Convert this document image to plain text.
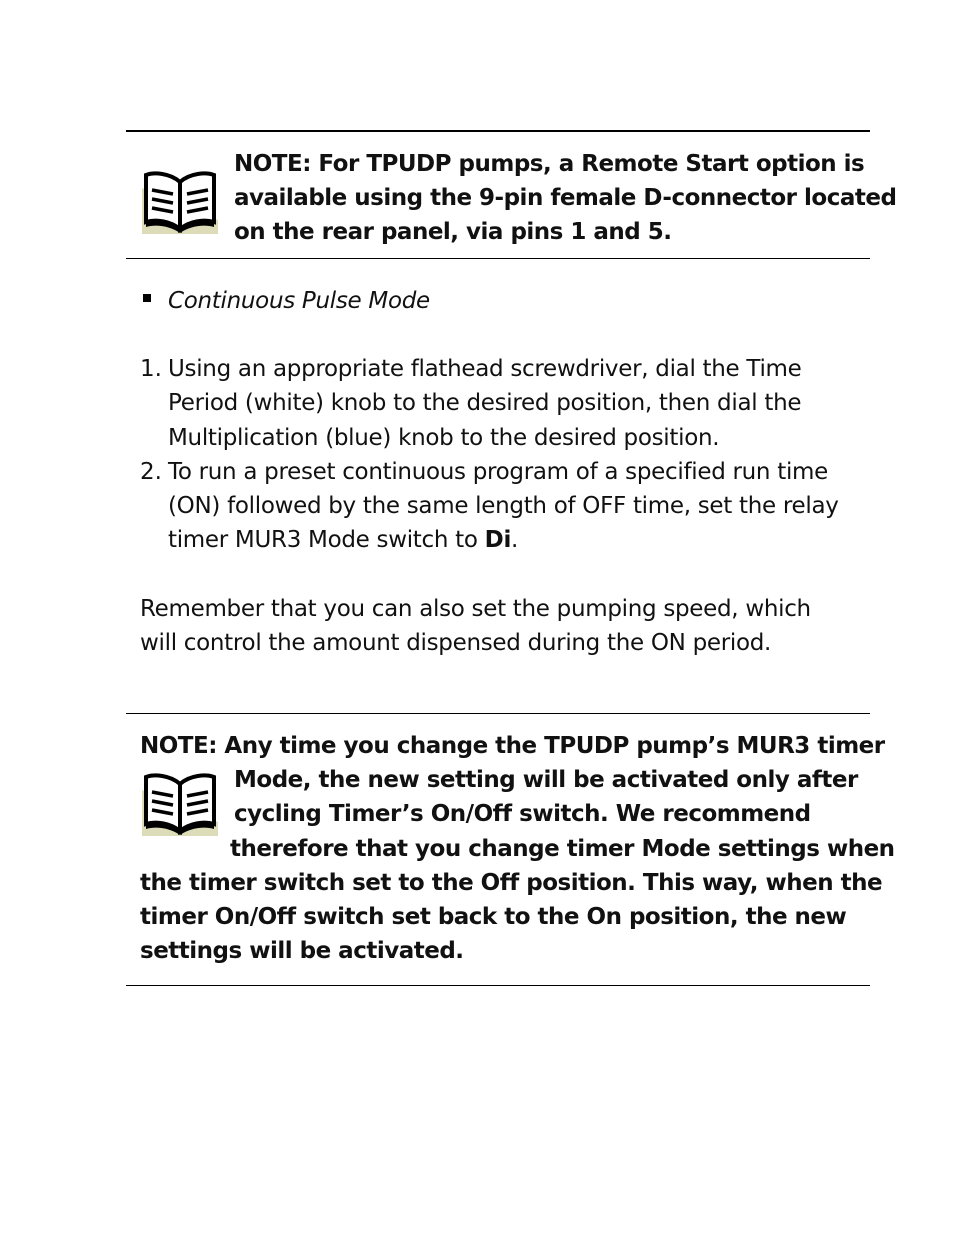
NOTE: For TPUDP pumps, a Remote Start option is
available using the 9-pin female D-connector located
on the rear panel, via pins 1 and 5.
Continuous Pulse Mode
1. Using an appropriate flathead screwdriver, dial the Time
Period (white) knob to the desired position, then dial the
Multiplication (blue) knob to the desired position.
2. To run a preset continuous program of a specified run time
(ON) followed by the same length of OFF time, set the relay
timer MUR3 Mode switch to Di.
Remember that you can also set the pumping speed, which
will control the amount dispensed during the ON period.
NOTE: Any time you change the TPUDP pump’s MUR3 timer
Mode, the new setting will be activated only after
cycling Timer’s On/Off switch. We recommend
therefore that you change timer Mode settings when
the timer switch set to the Off position. This way, when the
timer On/Off switch set back to the On position, the new
settings will be activated.
